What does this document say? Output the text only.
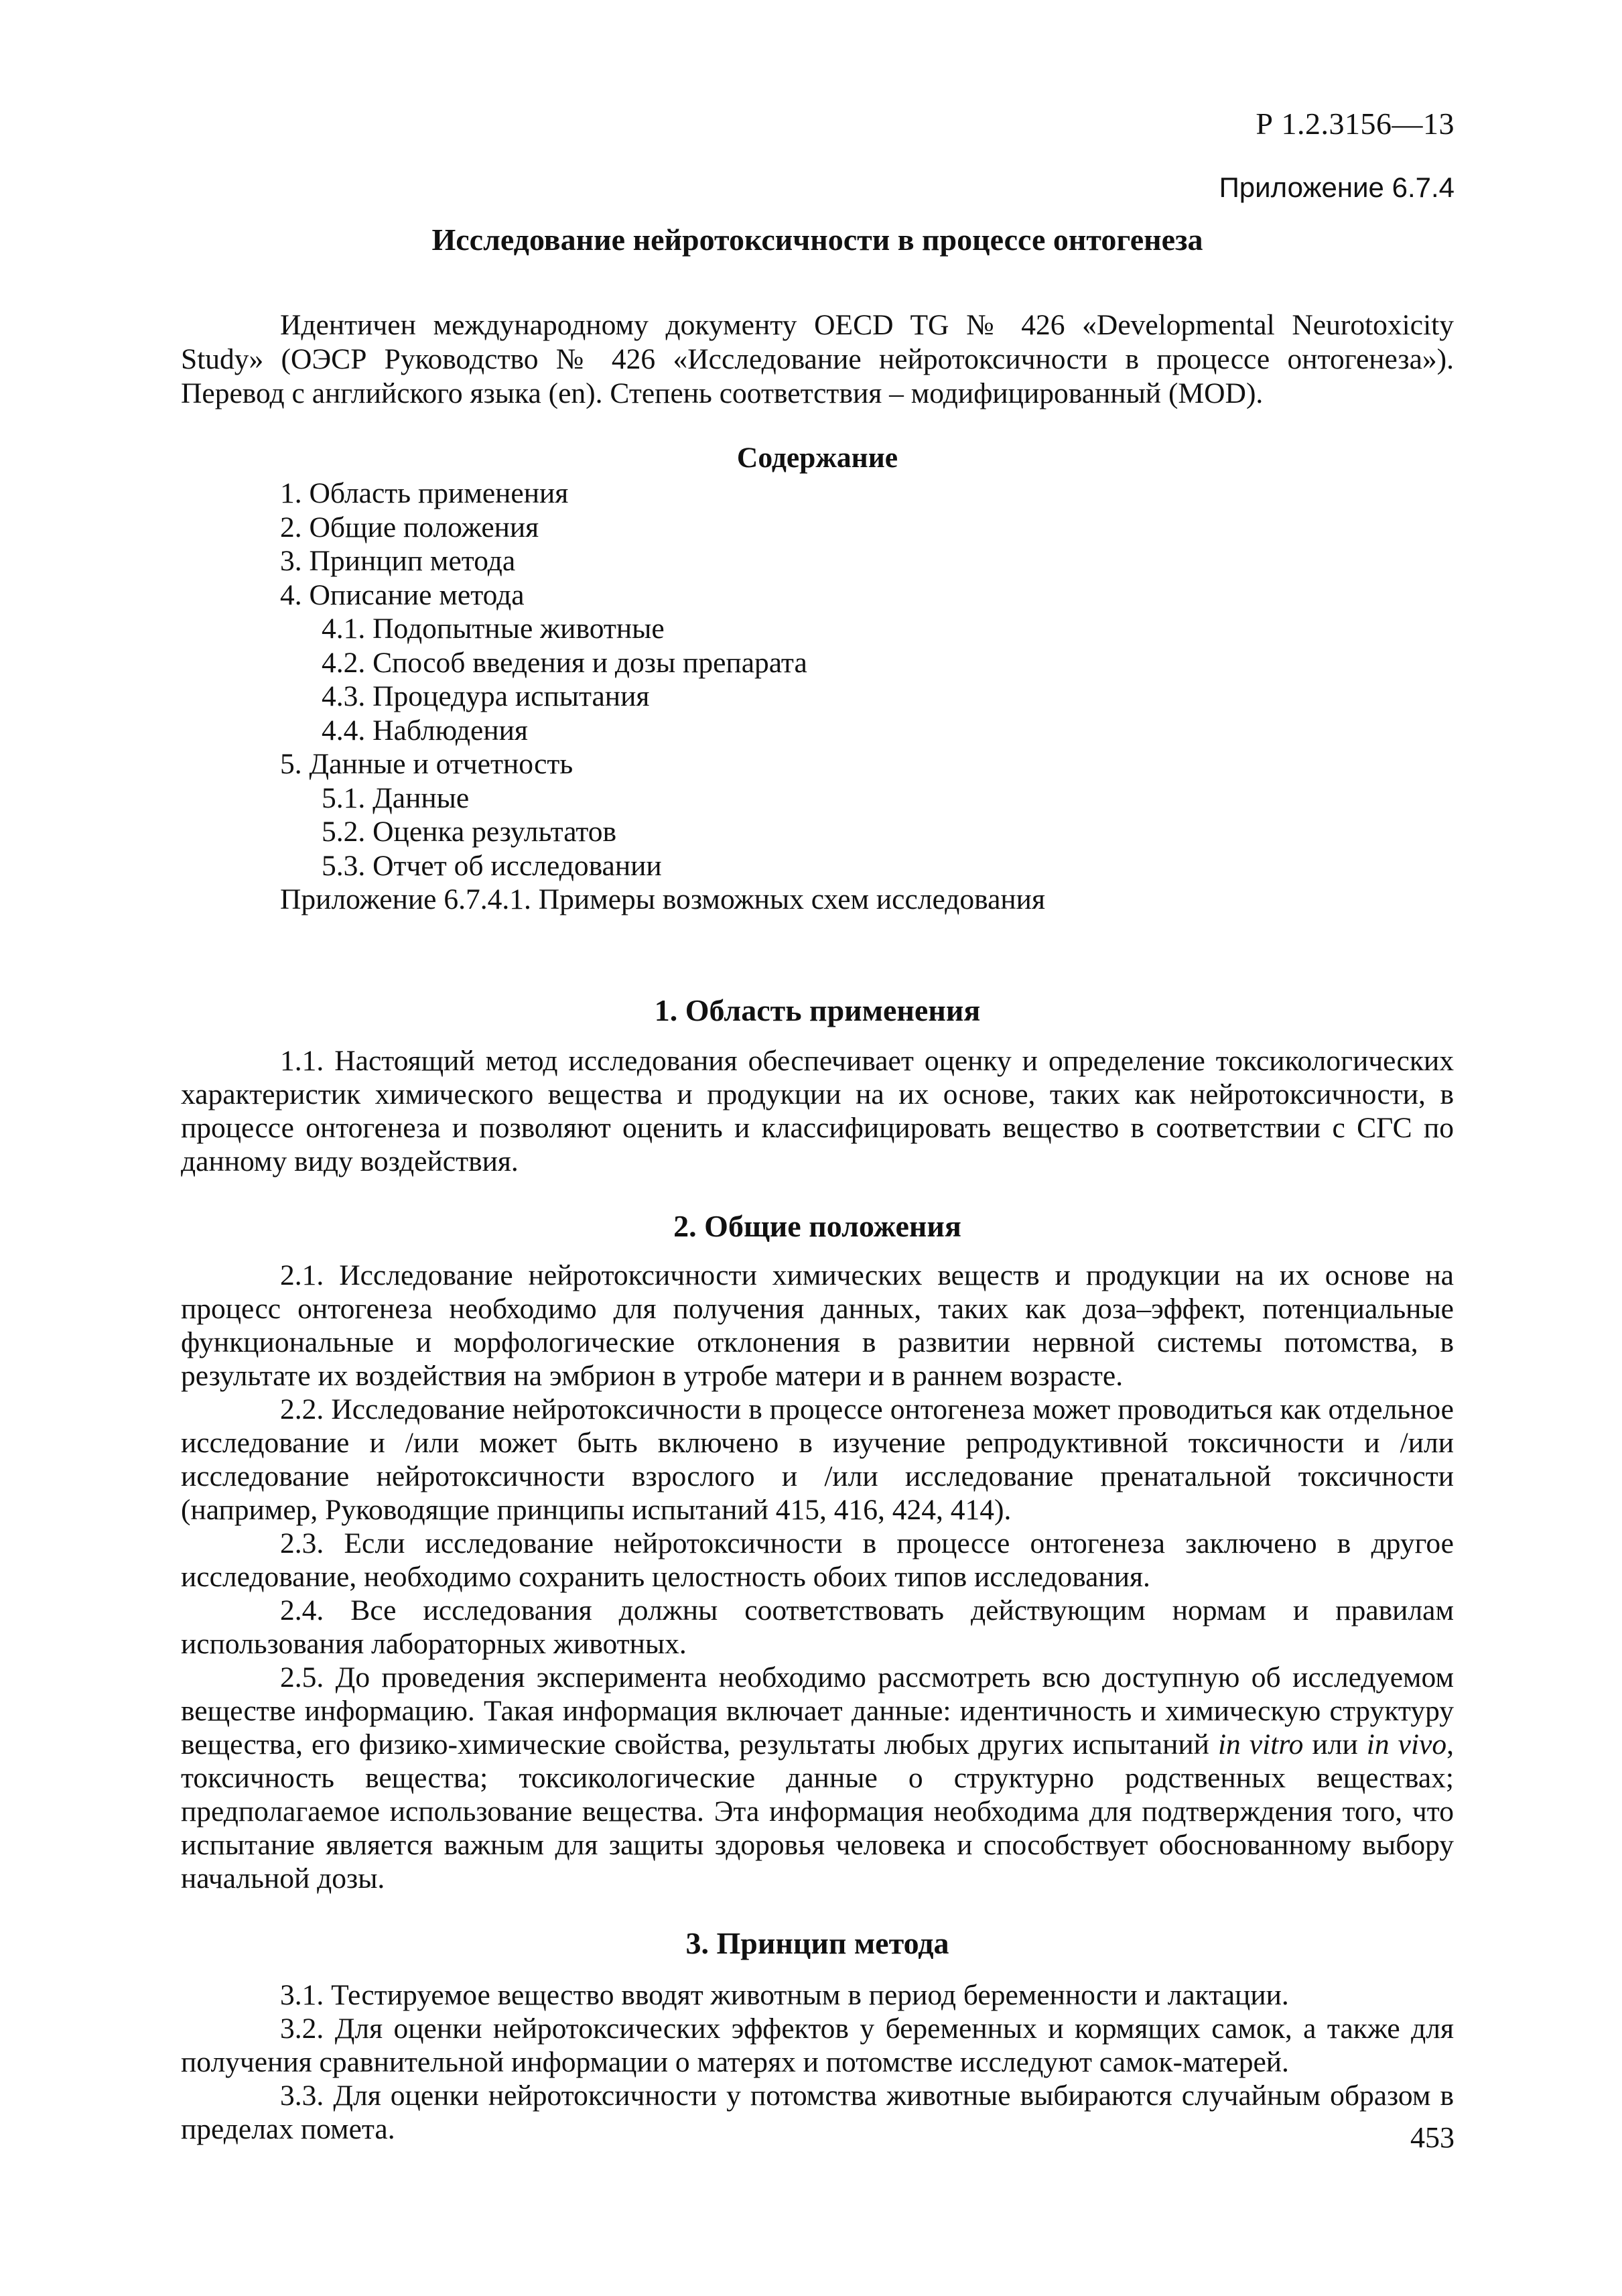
Р 1.2.3156—13
Приложение 6.7.4
Исследование нейротоксичности в процессе онтогенеза

Идентичен международному документу OECD TG № 426 «Developmental Neurotoxicity Study» (ОЭСР Руководство № 426 «Исследование нейротоксичности в процессе онтогенеза»). Перевод с английского языка (en). Степень соответствия – модифицированный (MOD).

Содержание
1. Область применения
2. Общие положения
3. Принцип метода
4. Описание метода
4.1. Подопытные животные
4.2. Способ введения и дозы препарата
4.3. Процедура испытания
4.4. Наблюдения
5. Данные и отчетность
5.1. Данные
5.2. Оценка результатов
5.3. Отчет об исследовании
Приложение 6.7.4.1. Примеры возможных схем исследования
1. Область применения

1.1. Настоящий метод исследования обеспечивает оценку и определение токсикологических характеристик химического вещества и продукции на их основе, таких как нейротоксичности, в процессе онтогенеза и позволяют оценить и классифицировать вещество в соответствии с СГС по данному виду воздействия.

2. Общие положения

2.1. Исследование нейротоксичности химических веществ и продукции на их основе на процесс онтогенеза необходимо для получения данных, таких как доза–эффект, потенциальные функциональные и морфологические отклонения в развитии нервной системы потомства, в результате их воздействия на эмбрион в утробе матери и в раннем возрасте.

2.2. Исследование нейротоксичности в процессе онтогенеза может проводиться как отдельное исследование и /или может быть включено в изучение репродуктивной токсичности и /или исследование нейротоксичности взрослого и /или исследование пренатальной токсичности (например, Руководящие принципы испытаний 415, 416, 424, 414).

2.3. Если исследование нейротоксичности в процессе онтогенеза заключено в другое исследование, необходимо сохранить целостность обоих типов исследования.

2.4. Все исследования должны соответствовать действующим нормам и правилам использования лабораторных животных.

2.5. До проведения эксперимента необходимо рассмотреть всю доступную об исследуемом веществе информацию. Такая информация включает данные: идентичность и химическую структуру вещества, его физико-химические свойства, результаты любых других испытаний in vitro или in vivo, токсичность вещества; токсикологические данные о структурно родственных веществах; предполагаемое использование вещества. Эта информация необходима для подтверждения того, что испытание является важным для защиты здоровья человека и способствует обоснованному выбору начальной дозы.

3. Принцип метода

3.1. Тестируемое вещество вводят животным в период беременности и лактации.

3.2. Для оценки нейротоксических эффектов у беременных и кормящих самок, а также для получения сравнительной информации о матерях и потомстве исследуют самок-матерей.

3.3. Для оценки нейротоксичности у потомства животные выбираются случайным образом в пределах помета.	453
